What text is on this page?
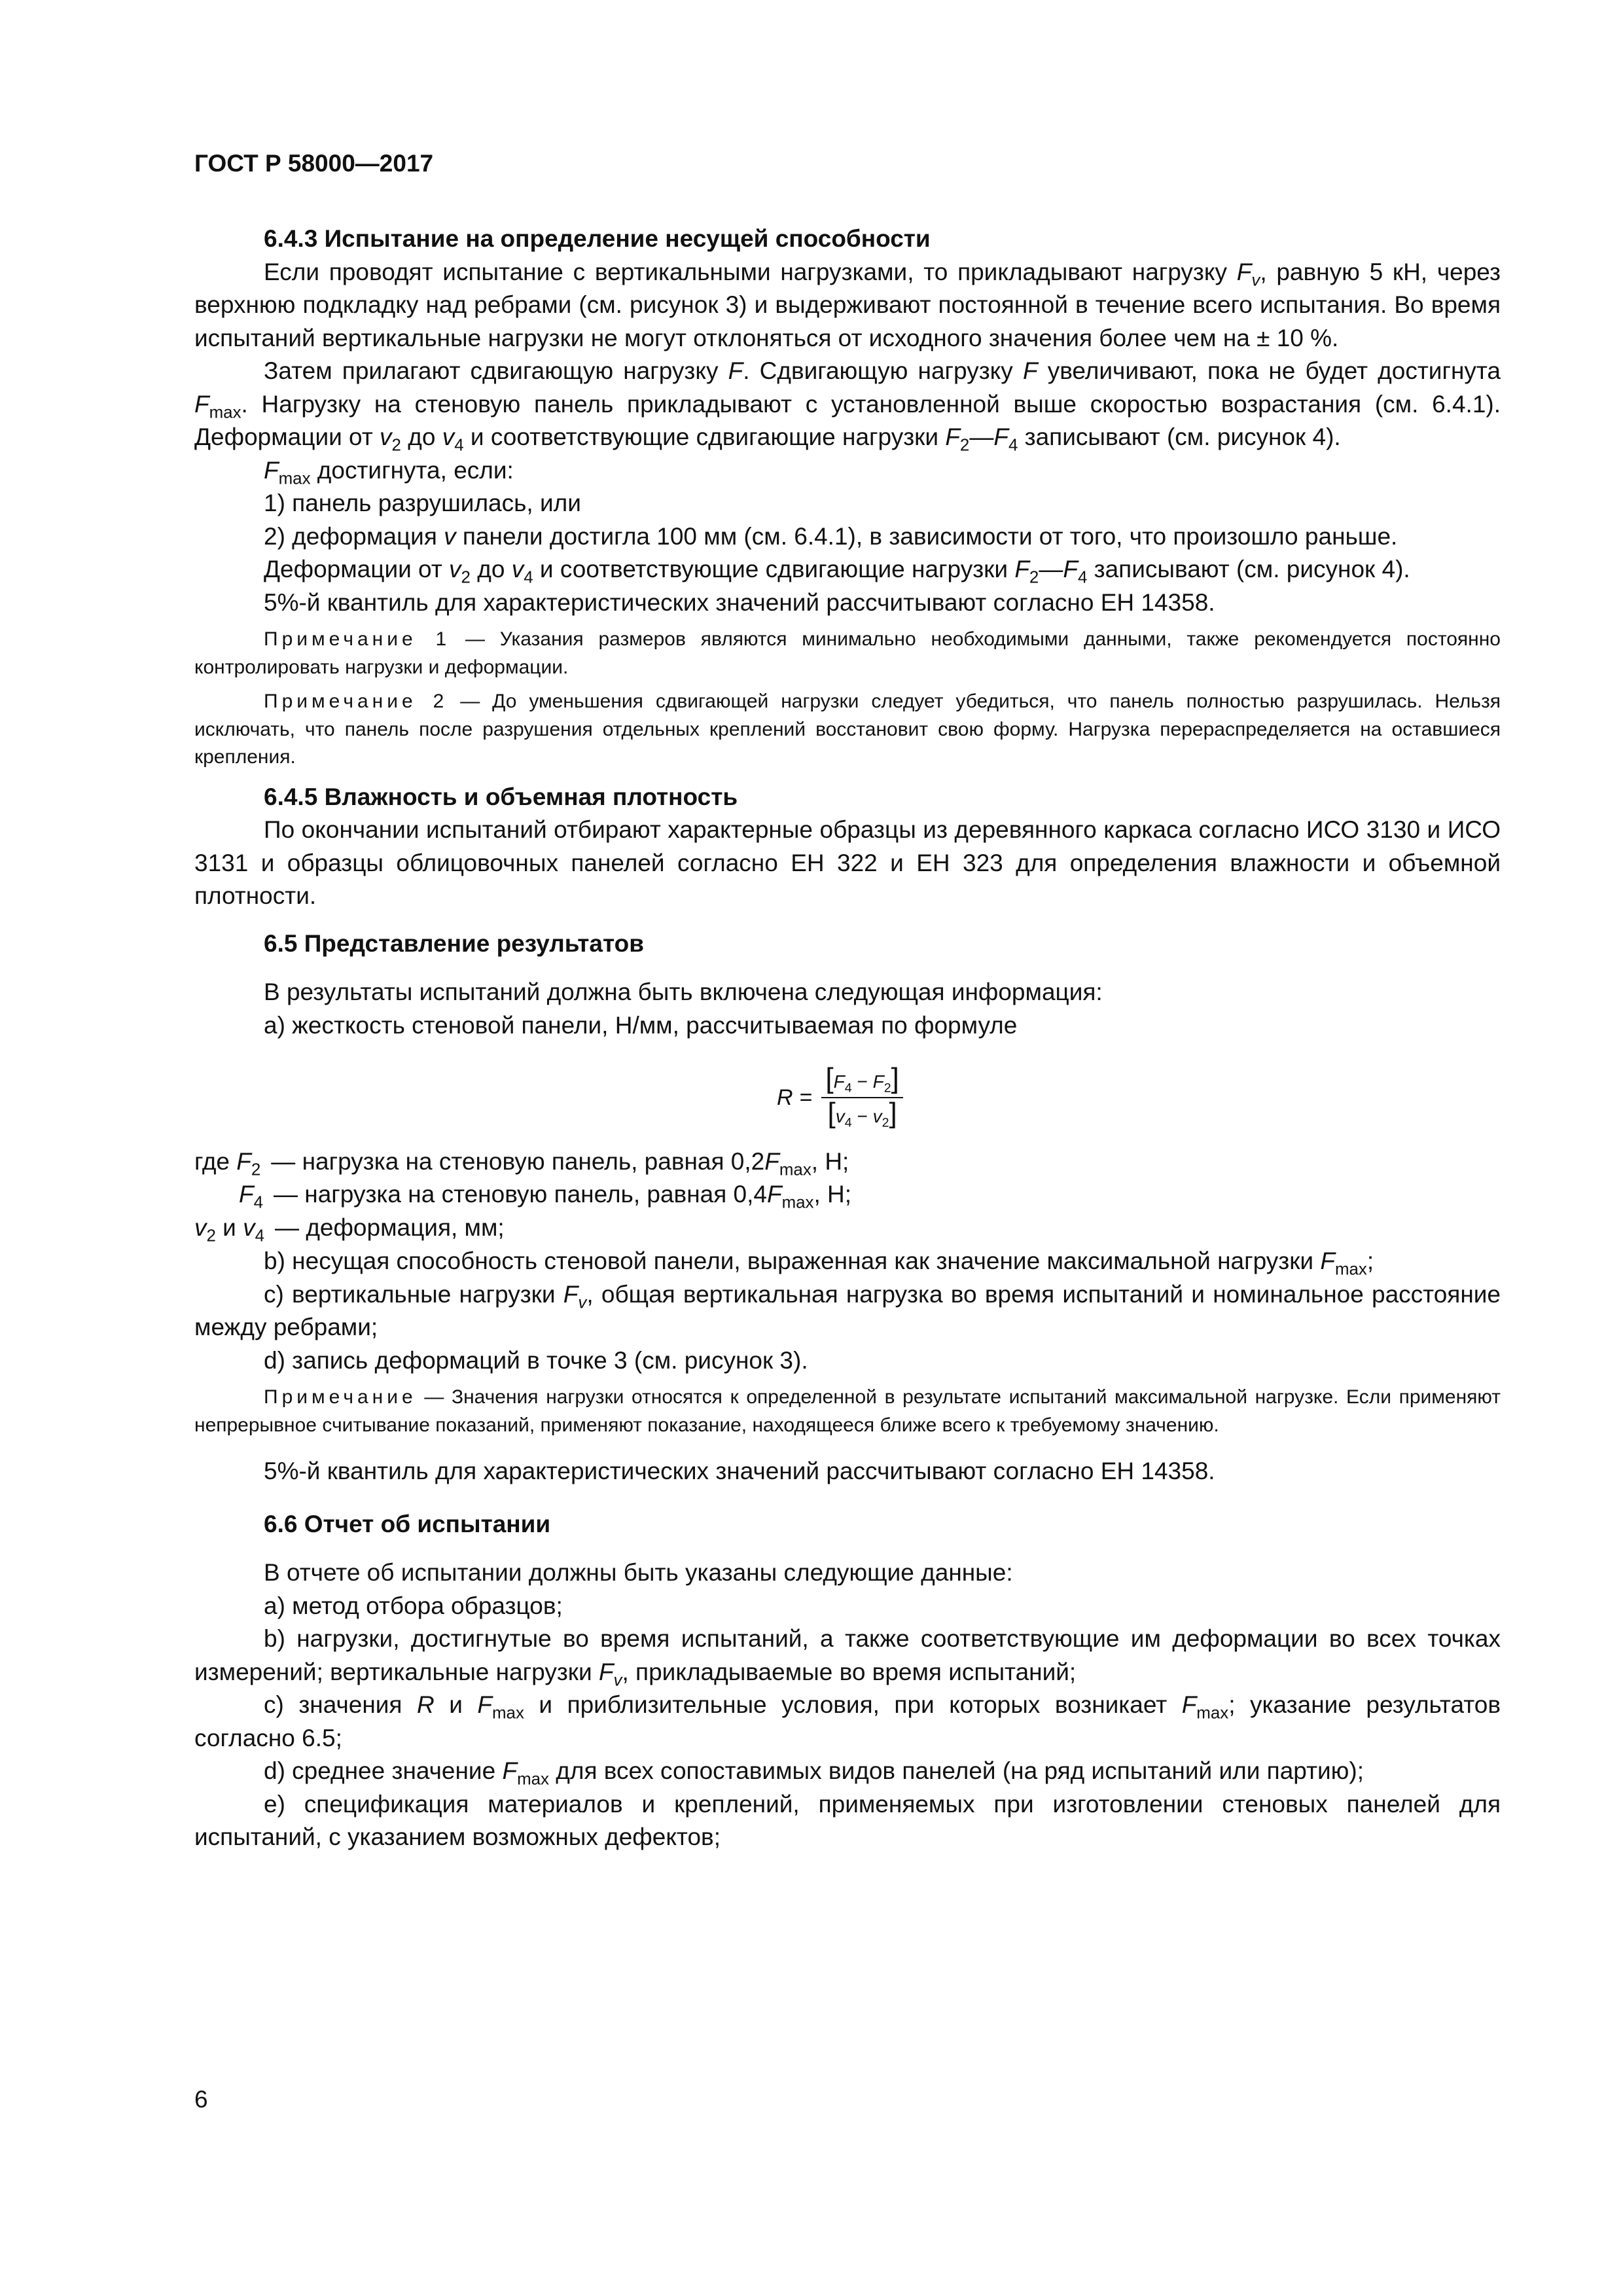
ГОСТ Р 58000—2017

6.4.3 Испытание на определение несущей способности

Если проводят испытание с вертикальными нагрузками, то прикладывают нагрузку $F_v$, равную 5 кН, через верхнюю подкладку над ребрами (см. рисунок 3) и выдерживают постоянной в течение всего испытания. Во время испытаний вертикальные нагрузки не могут отклоняться от исходного значения более чем на ± 10 %.

Затем прилагают сдвигающую нагрузку F. Сдвигающую нагрузку F увеличивают, пока не будет достигнута $F_{max}$. Нагрузку на стеновую панель прикладывают с установленной выше скоростью возрастания (см. 6.4.1). Деформации от $v_2$ до $v_4$ и соответствующие сдвигающие нагрузки $F_2—F_4$ записывают (см. рисунок 4).

$F_{max}$ достигнута, если:

1) панель разрушилась, или

2) деформация v панели достигла 100 мм (см. 6.4.1), в зависимости от того, что произошло раньше.

Деформации от $v_2$ до $v_4$ и соответствующие сдвигающие нагрузки $F_2—F_4$ записывают (см. рисунок 4).

5%-й квантиль для характеристических значений рассчитывают согласно ЕН 14358.

Примечание 1 — Указания размеров являются минимально необходимыми данными, также рекомендуется постоянно контролировать нагрузки и деформации.

Примечание 2 — До уменьшения сдвигающей нагрузки следует убедиться, что панель полностью разрушилась. Нельзя исключать, что панель после разрушения отдельных креплений восстановит свою форму. Нагрузка перераспределяется на оставшиеся крепления.

6.4.5 Влажность и объемная плотность

По окончании испытаний отбирают характерные образцы из деревянного каркаса согласно ИСО 3130 и ИСО 3131 и образцы облицовочных панелей согласно ЕН 322 и ЕН 323 для определения влажности и объемной плотности.

6.5 Представление результатов

В результаты испытаний должна быть включена следующая информация:

а) жесткость стеновой панели, Н/мм, рассчитываемая по формуле

$R = \frac{[F_4 - F_2]}{[v_4 - v_2]}$
где $F_2$ — нагрузка на стеновую панель, равная $0,2F_{max}$, Н;
$F_4$ — нагрузка на стеновую панель, равная $0,4F_{max}$, Н;
$v_2$ и $v_4$ — деформация, мм;

b) несущая способность стеновой панели, выраженная как значение максимальной нагрузки $F_{max}$;

c) вертикальные нагрузки $F_v$, общая вертикальная нагрузка во время испытаний и номинальное расстояние между ребрами;

d) запись деформаций в точке 3 (см. рисунок 3).

Примечание — Значения нагрузки относятся к определенной в результате испытаний максимальной нагрузке. Если применяют непрерывное считывание показаний, применяют показание, находящееся ближе всего к требуемому значению.

5%-й квантиль для характеристических значений рассчитывают согласно ЕН 14358.

6.6 Отчет об испытании

В отчете об испытании должны быть указаны следующие данные:

а) метод отбора образцов;

b) нагрузки, достигнутые во время испытаний, а также соответствующие им деформации во всех точках измерений; вертикальные нагрузки $F_v$, прикладываемые во время испытаний;

c) значения R и $F_{max}$ и приблизительные условия, при которых возникает $F_{max}$; указание результатов согласно 6.5;

d) среднее значение $F_{max}$ для всех сопоставимых видов панелей (на ряд испытаний или партию);

е) спецификация материалов и креплений, применяемых при изготовлении стеновых панелей для испытаний, с указанием возможных дефектов;

6
